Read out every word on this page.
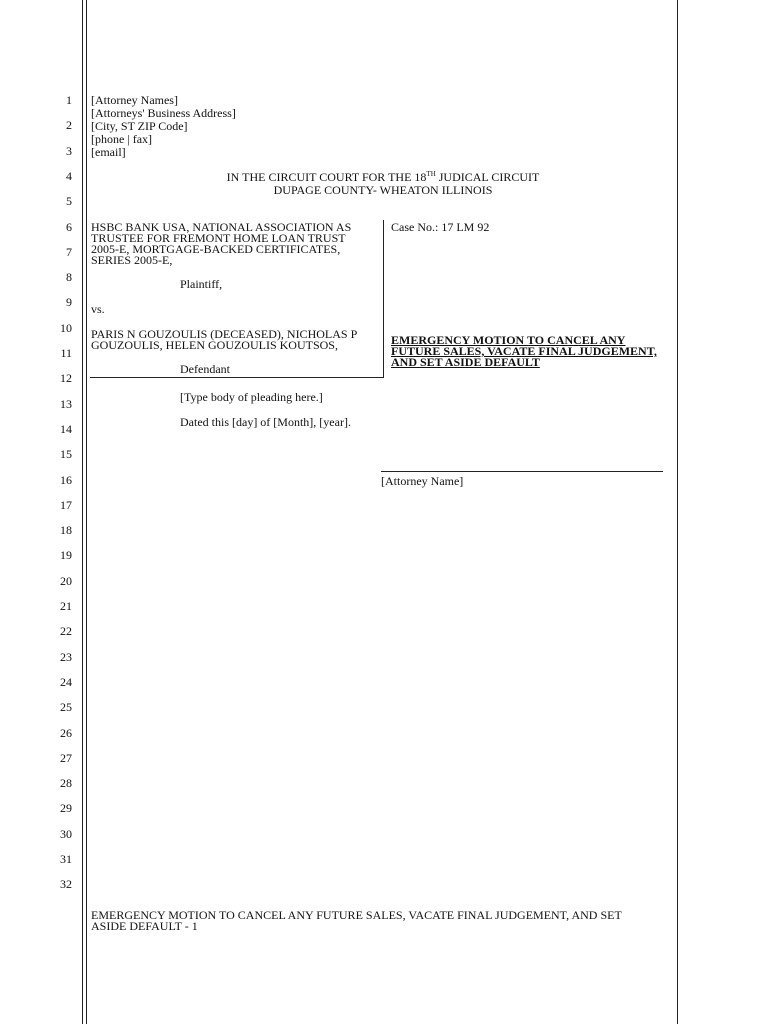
1
2
3
4
5
6
7
8
9
10
11
12
13
14
15
16
17
18
19
20
21
22
23
24
25
26
27
28
29
30
31
32
[Attorney Names]
[Attorneys' Business Address]
[City, ST ZIP Code]
[phone | fax]
[email]
IN THE CIRCUIT COURT FOR THE 18TH JUDICAL CIRCUIT
DUPAGE COUNTY- WHEATON ILLINOIS
HSBC BANK USA, NATIONAL ASSOCIATION AS
TRUSTEE FOR FREMONT HOME LOAN TRUST
2005-E, MORTGAGE-BACKED CERTIFICATES,
SERIES 2005-E,
Plaintiff,
vs.
PARIS N GOUZOULIS (DECEASED), NICHOLAS P
GOUZOULIS, HELEN GOUZOULIS KOUTSOS,
Defendant
Case No.: 17 LM 92
EMERGENCY MOTION TO CANCEL ANY
FUTURE SALES, VACATE FINAL JUDGEMENT,
AND SET ASIDE DEFAULT
[Type body of pleading here.]
Dated this [day] of [Month], [year].
[Attorney Name]
EMERGENCY MOTION TO CANCEL ANY FUTURE SALES, VACATE FINAL JUDGEMENT, AND SET
ASIDE DEFAULT - 1
